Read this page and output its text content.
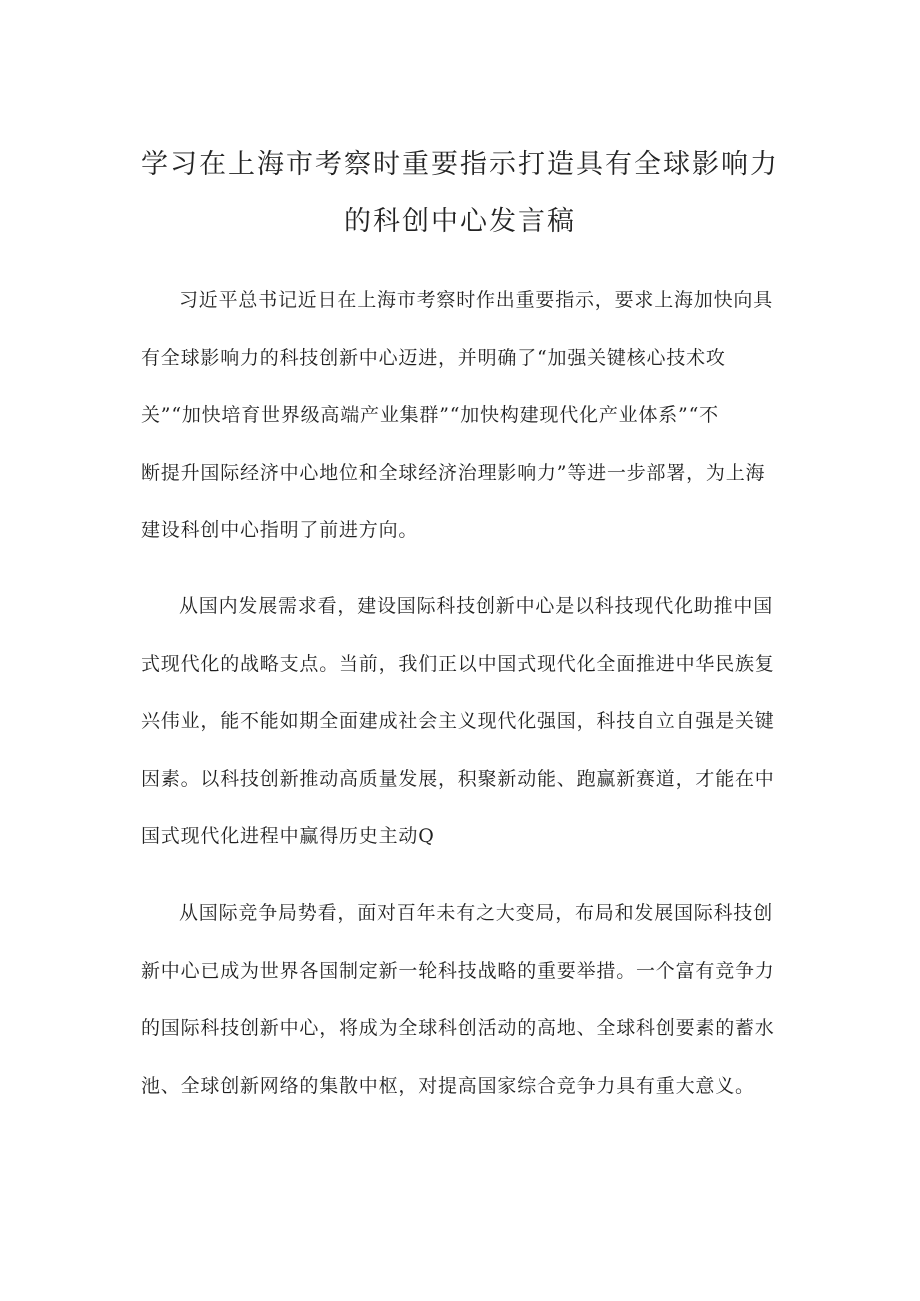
学习在上海市考察时重要指示打造具有全球影响力
的科创中心发言稿
习近平总书记近日在上海市考察时作出重要指示，要求上海加快向具
有全球影响力的科技创新中心迈进，并明确了“加强关键核心技术攻
关”“加快培育世界级高端产业集群”“加快构建现代化产业体系”“不
断提升国际经济中心地位和全球经济治理影响力”等进一步部署，为上海
建设科创中心指明了前进方向。
从国内发展需求看，建设国际科技创新中心是以科技现代化助推中国
式现代化的战略支点。当前，我们正以中国式现代化全面推进中华民族复
兴伟业，能不能如期全面建成社会主义现代化强国，科技自立自强是关键
因素。以科技创新推动高质量发展，积聚新动能、跑赢新赛道，才能在中
国式现代化进程中赢得历史主动Q
从国际竞争局势看，面对百年未有之大变局，布局和发展国际科技创
新中心已成为世界各国制定新一轮科技战略的重要举措。一个富有竞争力
的国际科技创新中心，将成为全球科创活动的高地、全球科创要素的蓄水
池、全球创新网络的集散中枢，对提高国家综合竞争力具有重大意义。
